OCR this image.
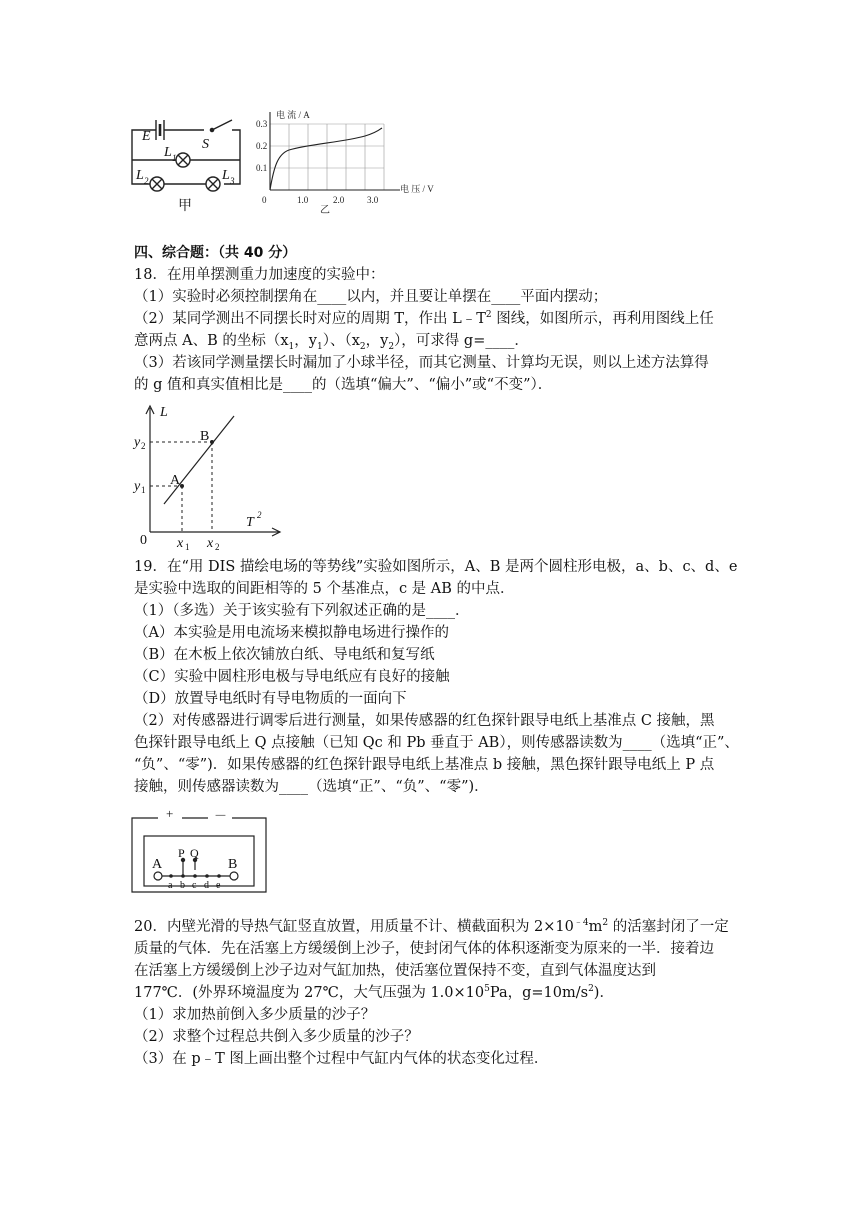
E
S
L 1
L 2	L 3
甲
电 流 / A
电 压 / V
0.3
0.2
0.1
0	1.0	2.0	3.0
乙
四、综合题：（共 40 分）
18．在用单摆测重力加速度的实验中：
（1）实验时必须控制摆角在____以内，并且要让单摆在____平面内摆动；
（2）某同学测出不同摆长时对应的周期 T，作出 $L﹣T^2$ 图线，如图所示，再利用图线上任
意两点 A、B 的坐标（$x_1$，$y_1$）、（$x_2$，$y_2$），可求得 g=____．
（3）若该同学测量摆长时漏加了小球半径，而其它测量、计算均无误，则以上述方法算得
的 g 值和真实值相比是____的（选填“偏大”、“偏小”或“不变”）．
L
T 2
A
B
y 1
y 2
x 1 x 2
0
19．在“用 DIS 描绘电场的等势线”实验如图所示，A、B 是两个圆柱形电极，a、b、c、d、e
是实验中选取的间距相等的 5 个基准点，c 是 AB 的中点．
（1）（多选）关于该实验有下列叙述正确的是____．
（A）本实验是用电流场来模拟静电场进行操作的
（B）在木板上依次铺放白纸、导电纸和复写纸
（C）实验中圆柱形电极与导电纸应有良好的接触
（D）放置导电纸时有导电物质的一面向下
（2）对传感器进行调零后进行测量，如果传感器的红色探针跟导电纸上基准点 C 接触，黑
色探针跟导电纸上 Q 点接触（已知 Qc 和 Pb 垂直于 AB），则传感器读数为____（选填“正”、
“负”、“零”)．如果传感器的红色探针跟导电纸上基准点 b 接触，黑色探针跟导电纸上 P 点
接触，则传感器读数为____（选填“正”、“负”、“零”)．
+	－
A	B
P Q
a b c d e
20．内壁光滑的导热气缸竖直放置，用质量不计、横截面积为 $2\times 10^{﹣4}m^2$ 的活塞封闭了一定
质量的气体．先在活塞上方缓缓倒上沙子，使封闭气体的体积逐渐变为原来的一半．接着边
在活塞上方缓缓倒上沙子边对气缸加热，使活塞位置保持不变，直到气体温度达到
177℃．(外界环境温度为 27℃，大气压强为 $1.0\times 10^5Pa$，$g=10m/s^2$)．
（1）求加热前倒入多少质量的沙子？
（2）求整个过程总共倒入多少质量的沙子？
（3）在 p﹣T 图上画出整个过程中气缸内气体的状态变化过程．
